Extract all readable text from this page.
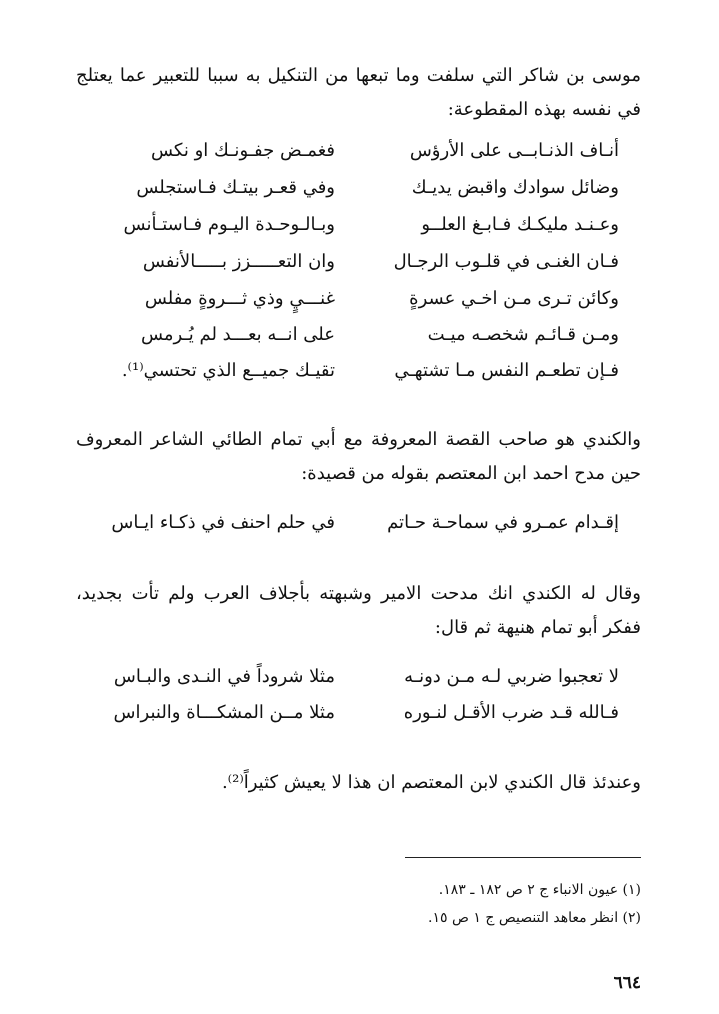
موسى بن شاكر التي سلفت وما تبعها من التنكيل به سببا للتعبير عما يعتلج في نفسه بهذه المقطوعة:
أنـاف الذنـابــى على الأرؤس
فغمـض جفـونـك او نكس
وضائل سوادك واقبض يديـك
وفي قعـر بيتـك فـاستجلس
وعـنـد مليكـك فـابـغ العلــو
وبـالـوحـدة اليـوم فـاستـأنس
فـان الغنـى في قلـوب الرجـال
وان التعـــــزز بـــــالأنفس
وكائن تـرى مـن اخـي عسرةٍ
غنـــيٍ وذي ثـــروةٍ مفلس
ومـن قـائـم شخصـه ميـت
على انــه بعـــد لم يُـرمس
فـإن تطعـم النفس مـا تشتهـي
تقيـك جميــع الذي تحتسي⁽¹⁾.
والكندي هو صاحب القصة المعروفة مع أبي تمام الطائي الشاعر المعروف حين مدح احمد ابن المعتصم بقوله من قصيدة:
إقـدام عمـرو في سماحـة حـاتم
في حلم احنف في ذكـاء ايـاس
وقال له الكندي انك مدحت الامير وشبهته بأجلاف العرب ولم تأت بجديد، ففكر أبو تمام هنيهة ثم قال:
لا تعجبوا ضربي لـه مـن دونـه
مثلا شروداً في النـدى والبـاس
فـالله قـد ضرب الأقـل لنـوره
مثلا مــن المشكـــاة والنبراس
وعندئذ قال الكندي لابن المعتصم ان هذا لا يعيش كثيراً⁽²⁾.
(١) عيون الانباء ج ٢ ص ١٨٢ ـ ١٨٣.
(٢) انظر معاهد التنصيص ج ١ ص ١٥.
٦٦٤
